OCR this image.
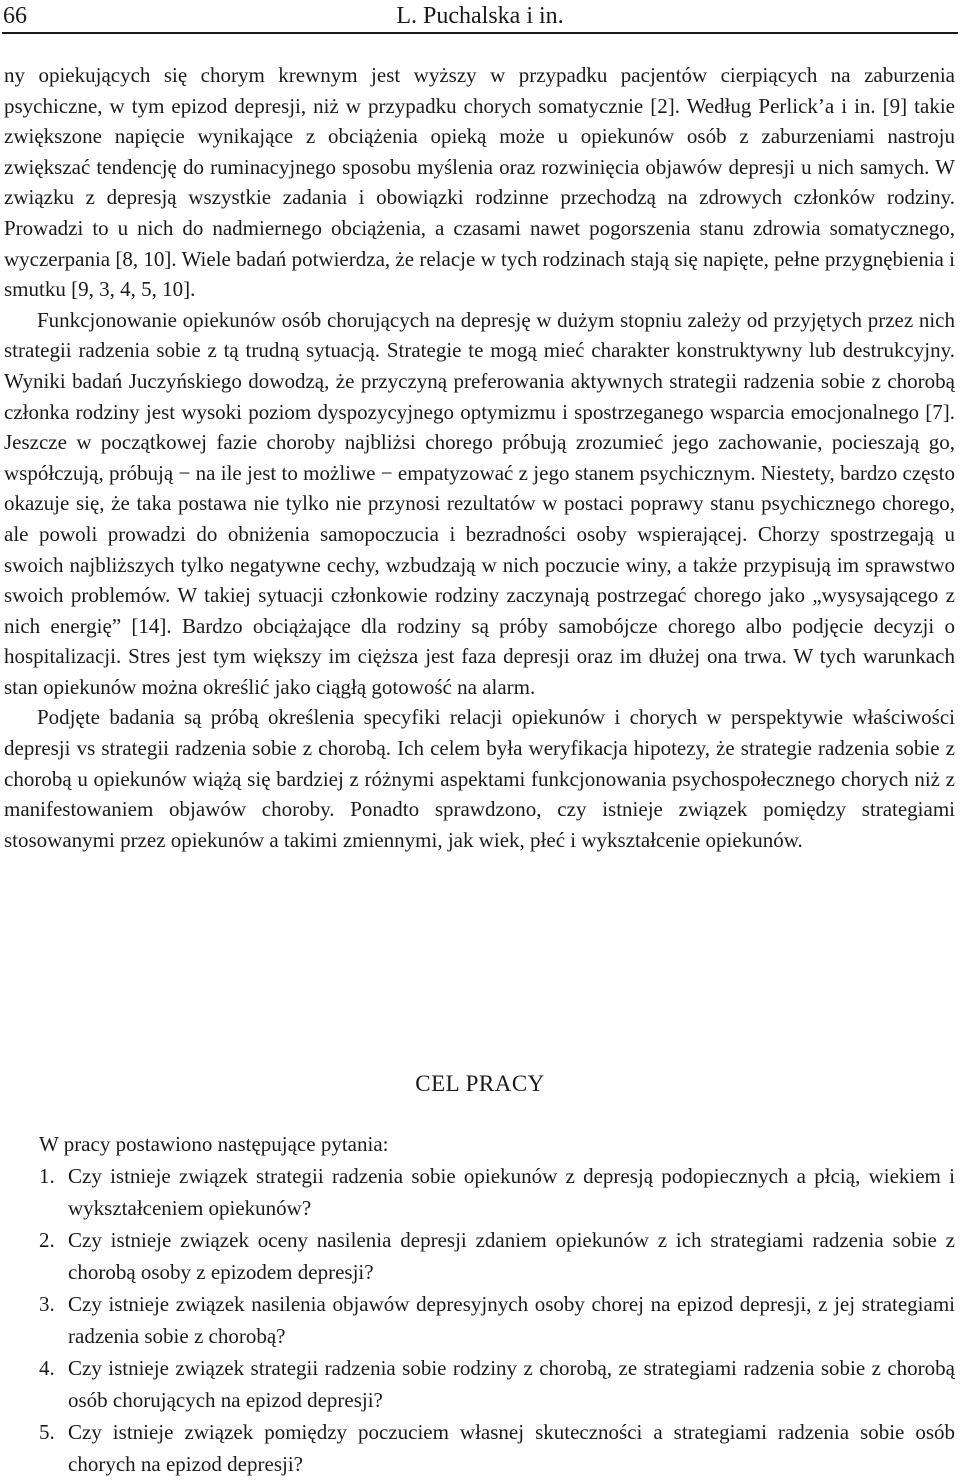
66	L. Puchalska i in.

ny opiekujących się chorym krewnym jest wyższy w przypadku pacjentów cierpiących na zaburzenia psychiczne, w tym epizod depresji, niż w przypadku chorych somatycznie [2]. Według Perlick’a i in. [9] takie zwiększone napięcie wynikające z obciążenia opieką może u opiekunów osób z zaburzeniami nastroju zwiększać tendencję do ruminacyjnego sposobu myślenia oraz rozwinięcia objawów depresji u nich samych. W związku z depresją wszystkie zadania i obowiązki rodzinne przechodzą na zdrowych członków rodziny. Prowadzi to u nich do nadmiernego obciążenia, a czasami nawet pogorszenia stanu zdrowia somatycznego, wyczerpania [8, 10]. Wiele badań potwierdza, że relacje w tych rodzinach stają się napięte, pełne przygnębienia i smutku [9, 3, 4, 5, 10].

Funkcjonowanie opiekunów osób chorujących na depresję w dużym stopniu zależy od przyjętych przez nich strategii radzenia sobie z tą trudną sytuacją. Strategie te mogą mieć charakter konstruktywny lub destrukcyjny. Wyniki badań Juczyńskiego dowodzą, że przyczyną preferowania aktywnych strategii radzenia sobie z chorobą członka rodziny jest wysoki poziom dyspozycyjnego optymizmu i spostrzeganego wsparcia emocjonalnego [7]. Jeszcze w początkowej fazie choroby najbliżsi chorego próbują zrozumieć jego zachowanie, pocieszają go, współczują, próbują − na ile jest to możliwe − empatyzować z jego stanem psychicznym. Niestety, bardzo często okazuje się, że taka postawa nie tylko nie przynosi rezultatów w postaci poprawy stanu psychicznego chorego, ale powoli prowadzi do obniżenia samopoczucia i bezradności osoby wspierającej. Chorzy spostrzegają u swoich najbliższych tylko negatywne cechy, wzbudzają w nich poczucie winy, a także przypisują im sprawstwo swoich problemów. W takiej sytuacji członkowie rodziny zaczynają postrzegać chorego jako „wysysającego z nich energię” [14]. Bardzo obciążające dla rodziny są próby samobójcze chorego albo podjęcie decyzji o hospitalizacji. Stres jest tym większy im cięższa jest faza depresji oraz im dłużej ona trwa. W tych warunkach stan opiekunów można określić jako ciągłą gotowość na alarm.

Podjęte badania są próbą określenia specyfiki relacji opiekunów i chorych w perspektywie właściwości depresji vs strategii radzenia sobie z chorobą. Ich celem była weryfikacja hipotezy, że strategie radzenia sobie z chorobą u opiekunów wiążą się bardziej z różnymi aspektami funkcjonowania psychospołecznego chorych niż z manifestowaniem objawów choroby. Ponadto sprawdzono, czy istnieje związek pomiędzy strategiami stosowanymi przez opiekunów a takimi zmiennymi, jak wiek, płeć i wykształcenie opiekunów.

CEL PRACY

W pracy postawiono następujące pytania:

1. Czy istnieje związek strategii radzenia sobie opiekunów z depresją podopiecznych a płcią, wiekiem i wykształceniem opiekunów?
2. Czy istnieje związek oceny nasilenia depresji zdaniem opiekunów z ich strategiami radzenia sobie z chorobą osoby z epizodem depresji?
3. Czy istnieje związek nasilenia objawów depresyjnych osoby chorej na epizod depresji, z jej strategiami radzenia sobie z chorobą?
4. Czy istnieje związek strategii radzenia sobie rodziny z chorobą, ze strategiami radzenia sobie z chorobą osób chorujących na epizod depresji?
5. Czy istnieje związek pomiędzy poczuciem własnej skuteczności a strategiami radzenia sobie osób chorych na epizod depresji?
